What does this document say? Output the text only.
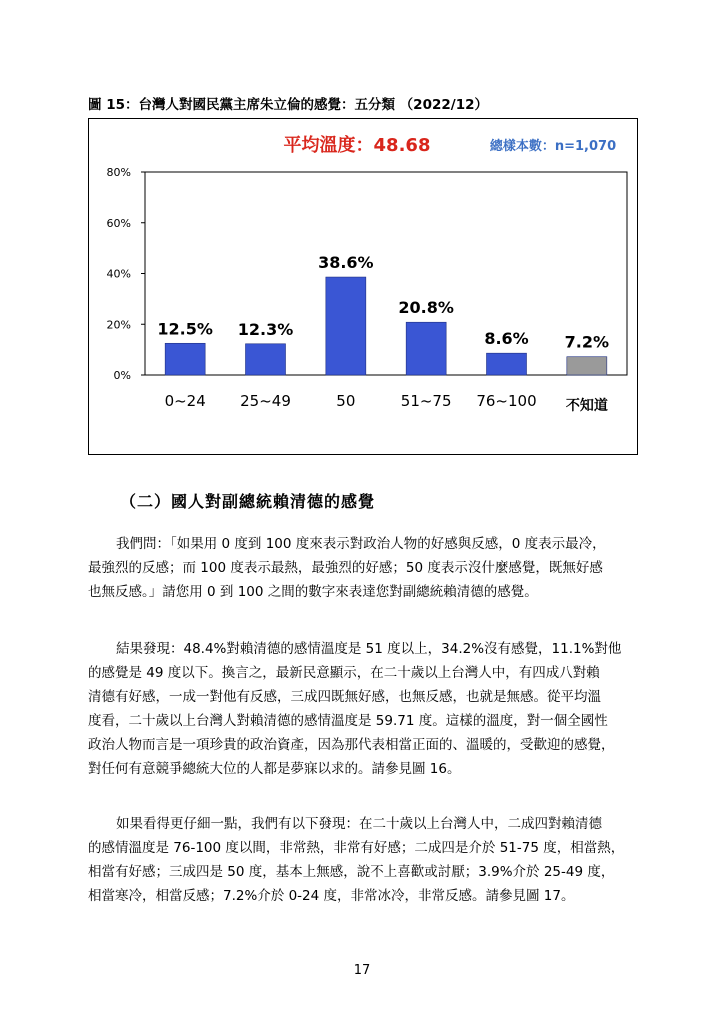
圖 15：台灣人對國民黨主席朱立倫的感覺：五分類 （2022/12）
平均溫度：48.68	總樣本數：n=1,070
0%
20%
40%
60%
80%
12.5% 12.3%
38.6%
20.8%
8.6% 7.2%
0~24 25~49	50	51~75 76~100 不知道
（二）國人對副總統賴清德的感覺

我們問：「如果用 0 度到 100 度來表示對政治人物的好感與反感，0 度表示最冷，

最強烈的反感；而 100 度表示最熱，最強烈的好感；50 度表示沒什麼感覺，既無好感

也無反感。」請您用 0 到 100 之間的數字來表達您對副總統賴清德的感覺。

結果發現：48.4%對賴清德的感情溫度是 51 度以上，34.2%沒有感覺，11.1%對他

的感覺是 49 度以下。換言之，最新民意顯示，在二十歲以上台灣人中，有四成八對賴

清德有好感，一成一對他有反感，三成四既無好感，也無反感，也就是無感。從平均溫

度看，二十歲以上台灣人對賴清德的感情溫度是 59.71 度。這樣的溫度，對一個全國性

政治人物而言是一項珍貴的政治資產，因為那代表相當正面的、溫暖的，受歡迎的感覺，

對任何有意競爭總統大位的人都是夢寐以求的。請參見圖 16。

如果看得更仔細一點，我們有以下發現：在二十歲以上台灣人中，二成四對賴清德

的感情溫度是 76-100 度以間，非常熱，非常有好感；二成四是介於 51-75 度，相當熱，

相當有好感；三成四是 50 度，基本上無感，說不上喜歡或討厭；3.9%介於 25-49 度，

相當寒冷，相當反感；7.2%介於 0-24 度，非常冰冷，非常反感。請參見圖 17。

17
